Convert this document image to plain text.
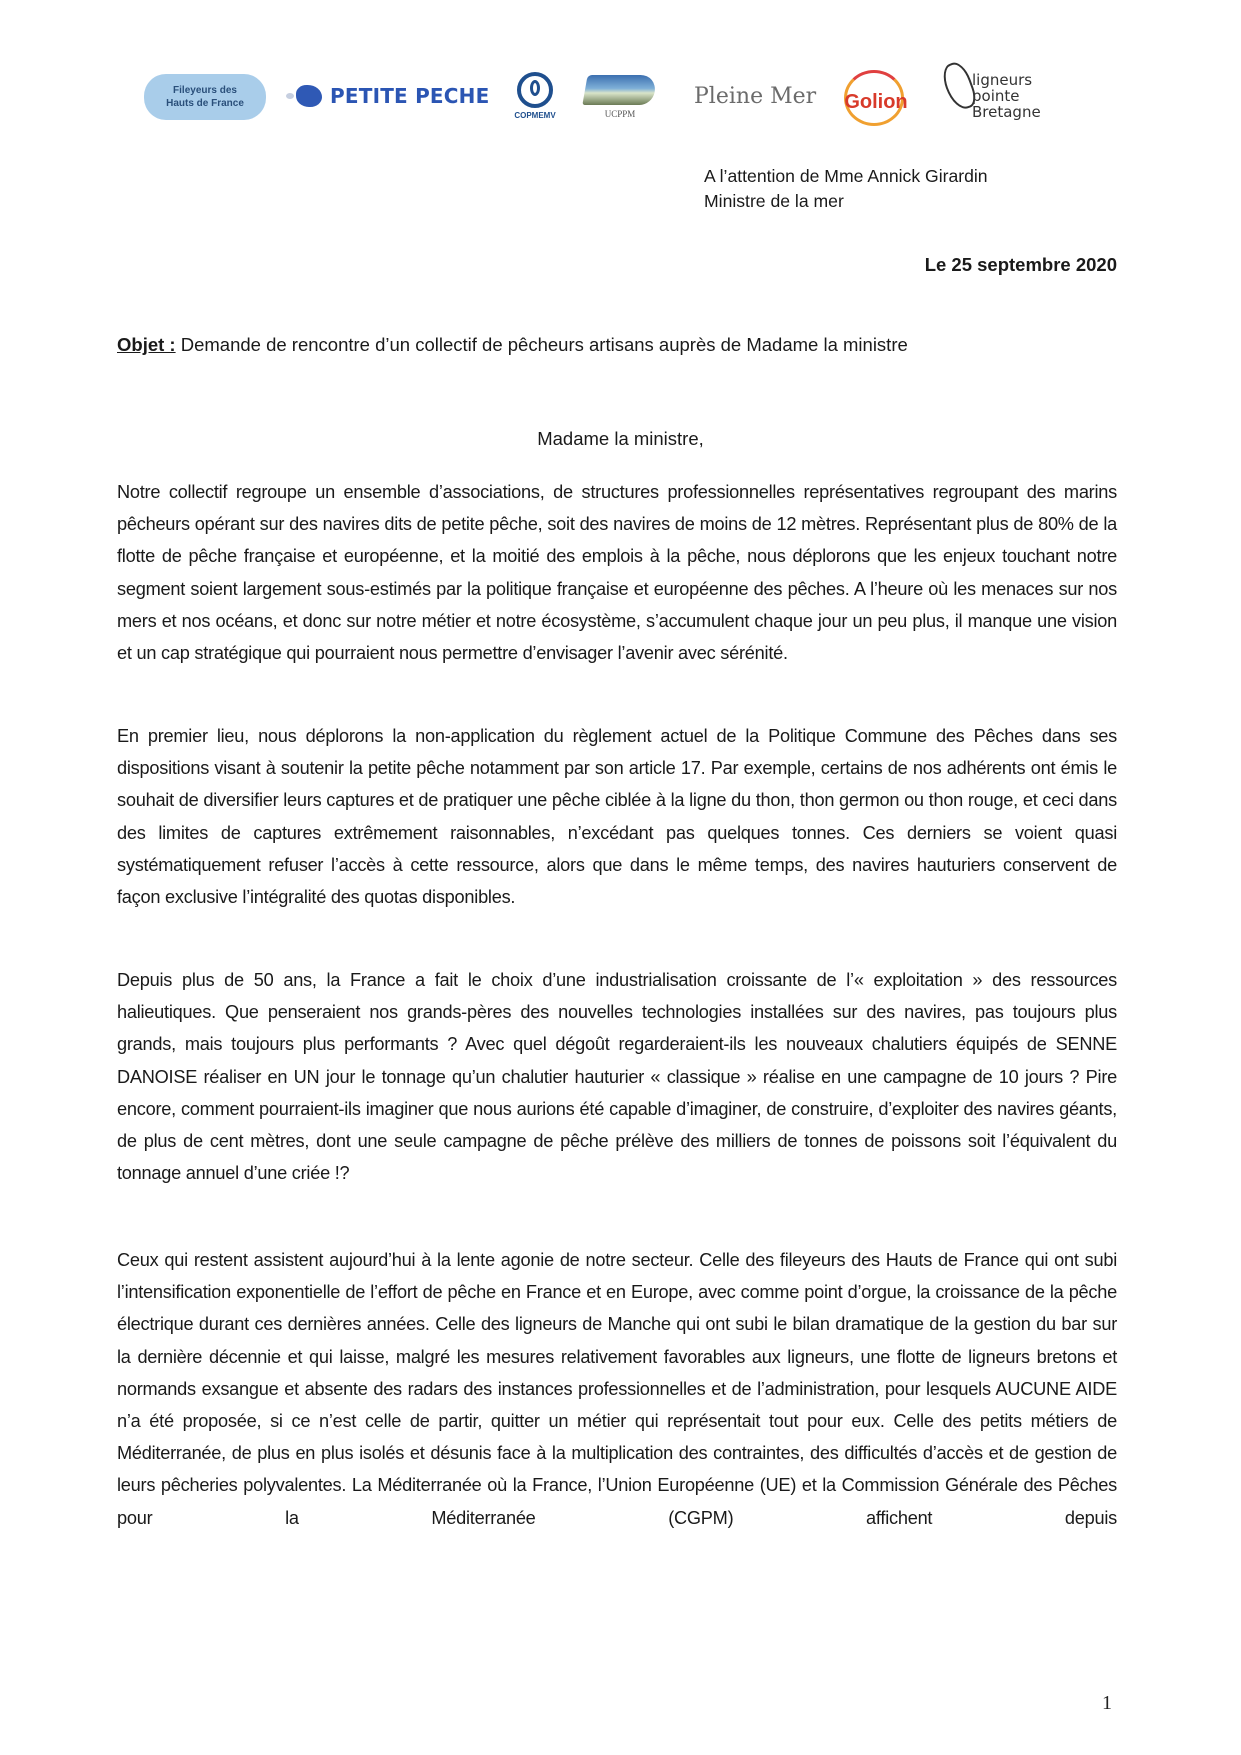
Fileyeurs des
Hauts de France	PETITE PECHE
COPMEMV	UCPPM
Pleine Mer Golion
ligneurs
pointe
Bretagne
A l’attention de Mme Annick Girardin
Ministre de la mer
Le 25 septembre 2020
Objet : Demande de rencontre d’un collectif de pêcheurs artisans auprès de Madame la ministre
Madame la ministre,

Notre collectif regroupe un ensemble d’associations, de structures professionnelles représentatives regroupant des marins pêcheurs opérant sur des navires dits de petite pêche, soit des navires de moins de 12 mètres. Représentant plus de 80% de la flotte de pêche française et européenne, et la moitié des emplois à la pêche, nous déplorons que les enjeux touchant notre segment soient largement sous-estimés par la politique française et européenne des pêches. A l’heure où les menaces sur nos mers et nos océans, et donc sur notre métier et notre écosystème, s’accumulent chaque jour un peu plus, il manque une vision et un cap stratégique qui pourraient nous permettre d’envisager l’avenir avec sérénité.

En premier lieu, nous déplorons la non-application du règlement actuel de la Politique Commune des Pêches dans ses dispositions visant à soutenir la petite pêche notamment par son article 17. Par exemple, certains de nos adhérents ont émis le souhait de diversifier leurs captures et de pratiquer une pêche ciblée à la ligne du thon, thon germon ou thon rouge, et ceci dans des limites de captures extrêmement raisonnables, n’excédant pas quelques tonnes. Ces derniers se voient quasi systématiquement refuser l’accès à cette ressource, alors que dans le même temps, des navires hauturiers conservent de façon exclusive l’intégralité des quotas disponibles.

Depuis plus de 50 ans, la France a fait le choix d’une industrialisation croissante de l’« exploitation » des ressources halieutiques. Que penseraient nos grands-pères des nouvelles technologies installées sur des navires, pas toujours plus grands, mais toujours plus performants ? Avec quel dégoût regarderaient-ils les nouveaux chalutiers équipés de SENNE DANOISE réaliser en UN jour le tonnage qu’un chalutier hauturier « classique » réalise en une campagne de 10 jours ? Pire encore, comment pourraient-ils imaginer que nous aurions été capable d’imaginer, de construire, d’exploiter des navires géants, de plus de cent mètres, dont une seule campagne de pêche prélève des milliers de tonnes de poissons soit l’équivalent du tonnage annuel d’une criée !?

Ceux qui restent assistent aujourd’hui à la lente agonie de notre secteur. Celle des fileyeurs des Hauts de France qui ont subi l’intensification exponentielle de l’effort de pêche en France et en Europe, avec comme point d’orgue, la croissance de la pêche électrique durant ces dernières années. Celle des ligneurs de Manche qui ont subi le bilan dramatique de la gestion du bar sur la dernière décennie et qui laisse, malgré les mesures relativement favorables aux ligneurs, une flotte de ligneurs bretons et normands exsangue et absente des radars des instances professionnelles et de l’administration, pour lesquels AUCUNE AIDE n’a été proposée, si ce n’est celle de partir, quitter un métier qui représentait tout pour eux. Celle des petits métiers de Méditerranée, de plus en plus isolés et désunis face à la multiplication des contraintes, des difficultés d’accès et de gestion de leurs pêcheries polyvalentes. La Méditerranée où la France, l’Union Européenne (UE) et la Commission Générale des Pêches pour la Méditerranée (CGPM) affichent depuis

1
